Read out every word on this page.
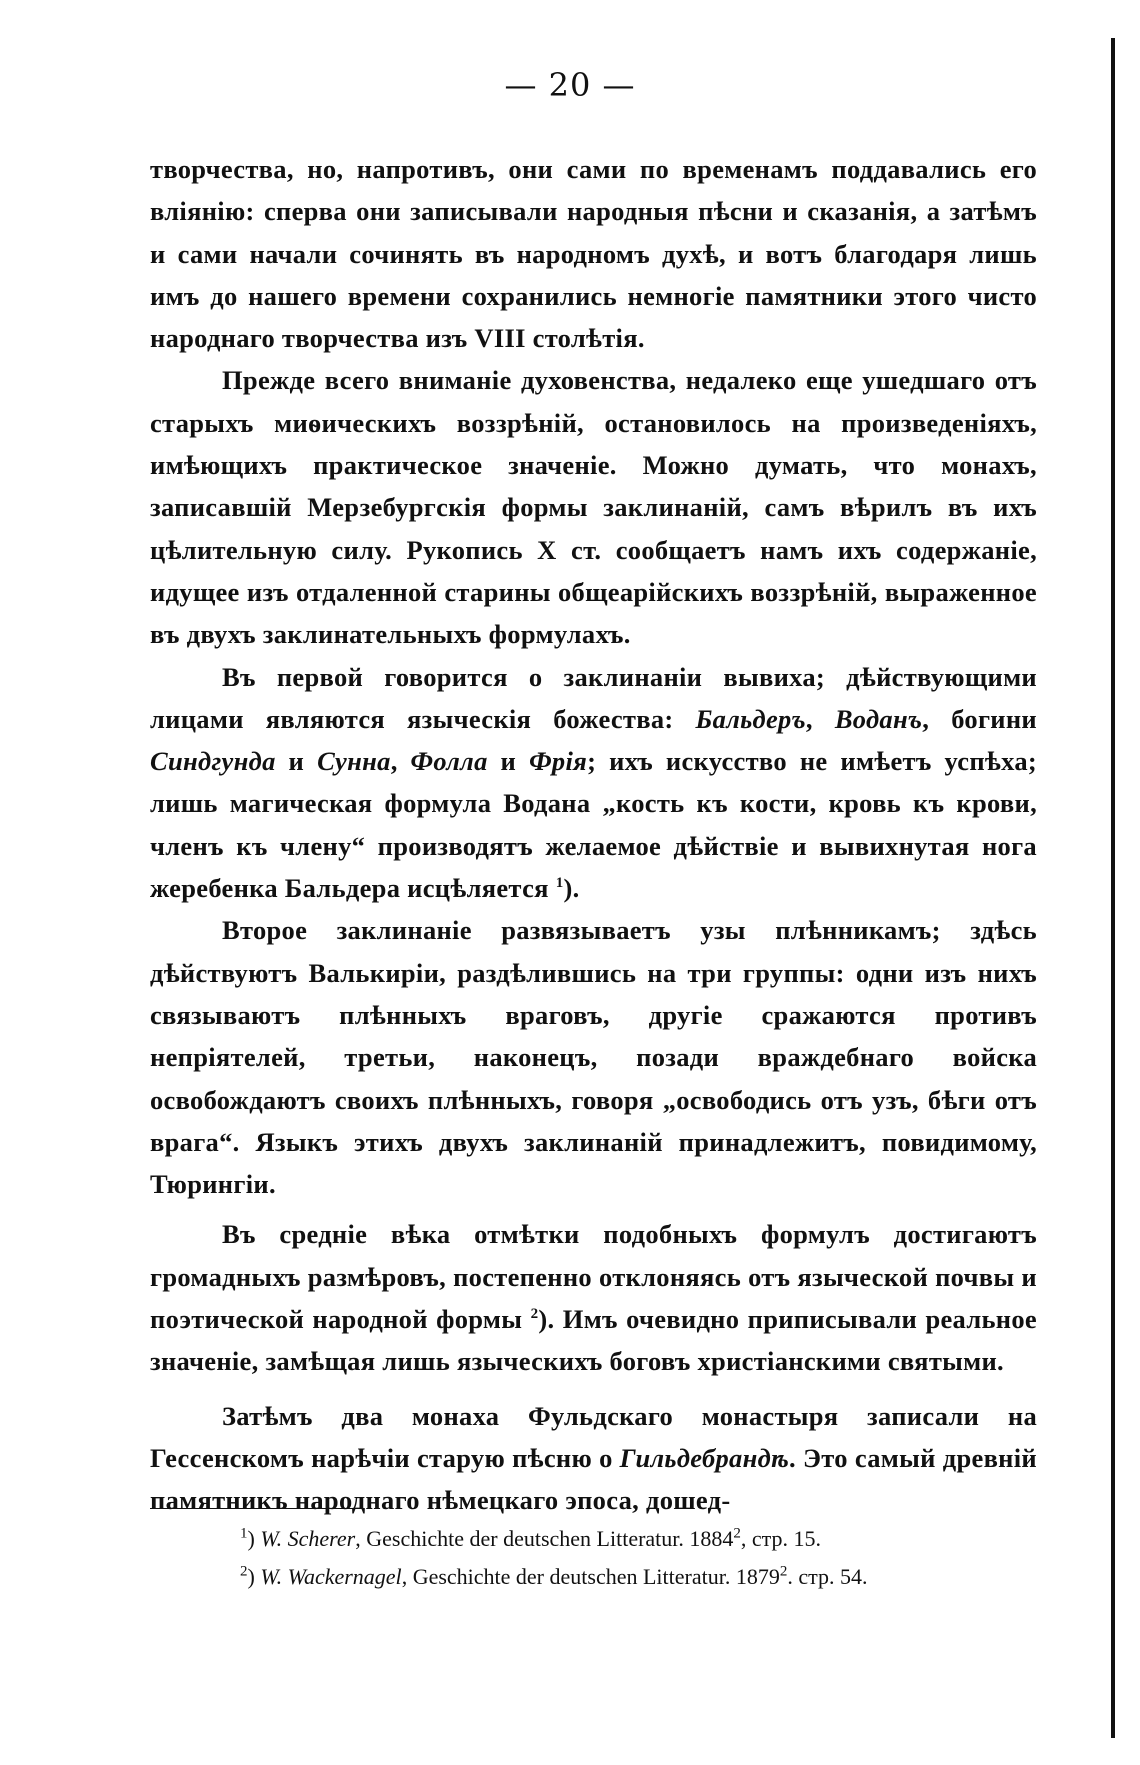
— 20 —

творчества, но, напротивъ, они сами по временамъ поддавались его вліянію: сперва они записывали народныя пѣсни и сказанія, а затѣмъ и сами начали сочинять въ народномъ духѣ, и вотъ благодаря лишь имъ до нашего времени сохранились немногіе памятники этого чисто народнаго творчества изъ VIII столѣтія.

Прежде всего вниманіе духовенства, недалеко еще ушедшаго отъ старыхъ миѳическихъ воззрѣній, остановилось на произведеніяхъ, имѣющихъ практическое значеніе. Можно думать, что монахъ, записавшій Мерзебургскія формы заклинаній, самъ вѣрилъ въ ихъ цѣлительную силу. Рукопись X ст. сообщаетъ намъ ихъ содержаніе, идущее изъ отдаленной старины общеарійскихъ воззрѣній, выраженное въ двухъ заклинательныхъ формулахъ.

Въ первой говорится о заклинаніи вывиха; дѣйствующими лицами являются языческія божества: Бальдеръ, Воданъ, богини Синдгунда и Сунна, Фолла и Фрія; ихъ искусство не имѣетъ успѣха; лишь магическая формула Водана „кость къ кости, кровь къ крови, членъ къ члену“ производятъ желаемое дѣйствіе и вывихнутая нога жеребенка Бальдера исцѣляется $^1$).

Второе заклинаніе развязываетъ узы плѣнникамъ; здѣсь дѣйствуютъ Валькиріи, раздѣлившись на три группы: одни изъ нихъ связываютъ плѣнныхъ враговъ, другіе сражаются противъ непріятелей, третьи, наконецъ, позади враждебнаго войска освобождаютъ своихъ плѣнныхъ, говоря „освободись отъ узъ, бѣги отъ врага“. Языкъ этихъ двухъ заклинаній принадлежитъ, повидимому, Тюрингіи.

Въ средніе вѣка отмѣтки подобныхъ формулъ достигаютъ громадныхъ размѣровъ, постепенно отклоняясь отъ языческой почвы и поэтической народной формы $^2$). Имъ очевидно приписывали реальное значеніе, замѣщая лишь языческихъ боговъ христіанскими святыми.

Затѣмъ два монаха Фульдскаго монастыря записали на Гессенскомъ нарѣчіи старую пѣсню о Гильдебрандѣ. Это самый древній памятникъ народнаго нѣмецкаго эпоса, дошед-

$^1$) W. Scherer, Geschichte der deutschen Litteratur. 1884$^2$, стр. 15.

$^2$) W. Wackernagel, Geschichte der deutschen Litteratur. 1879$^2$. стр. 54.
